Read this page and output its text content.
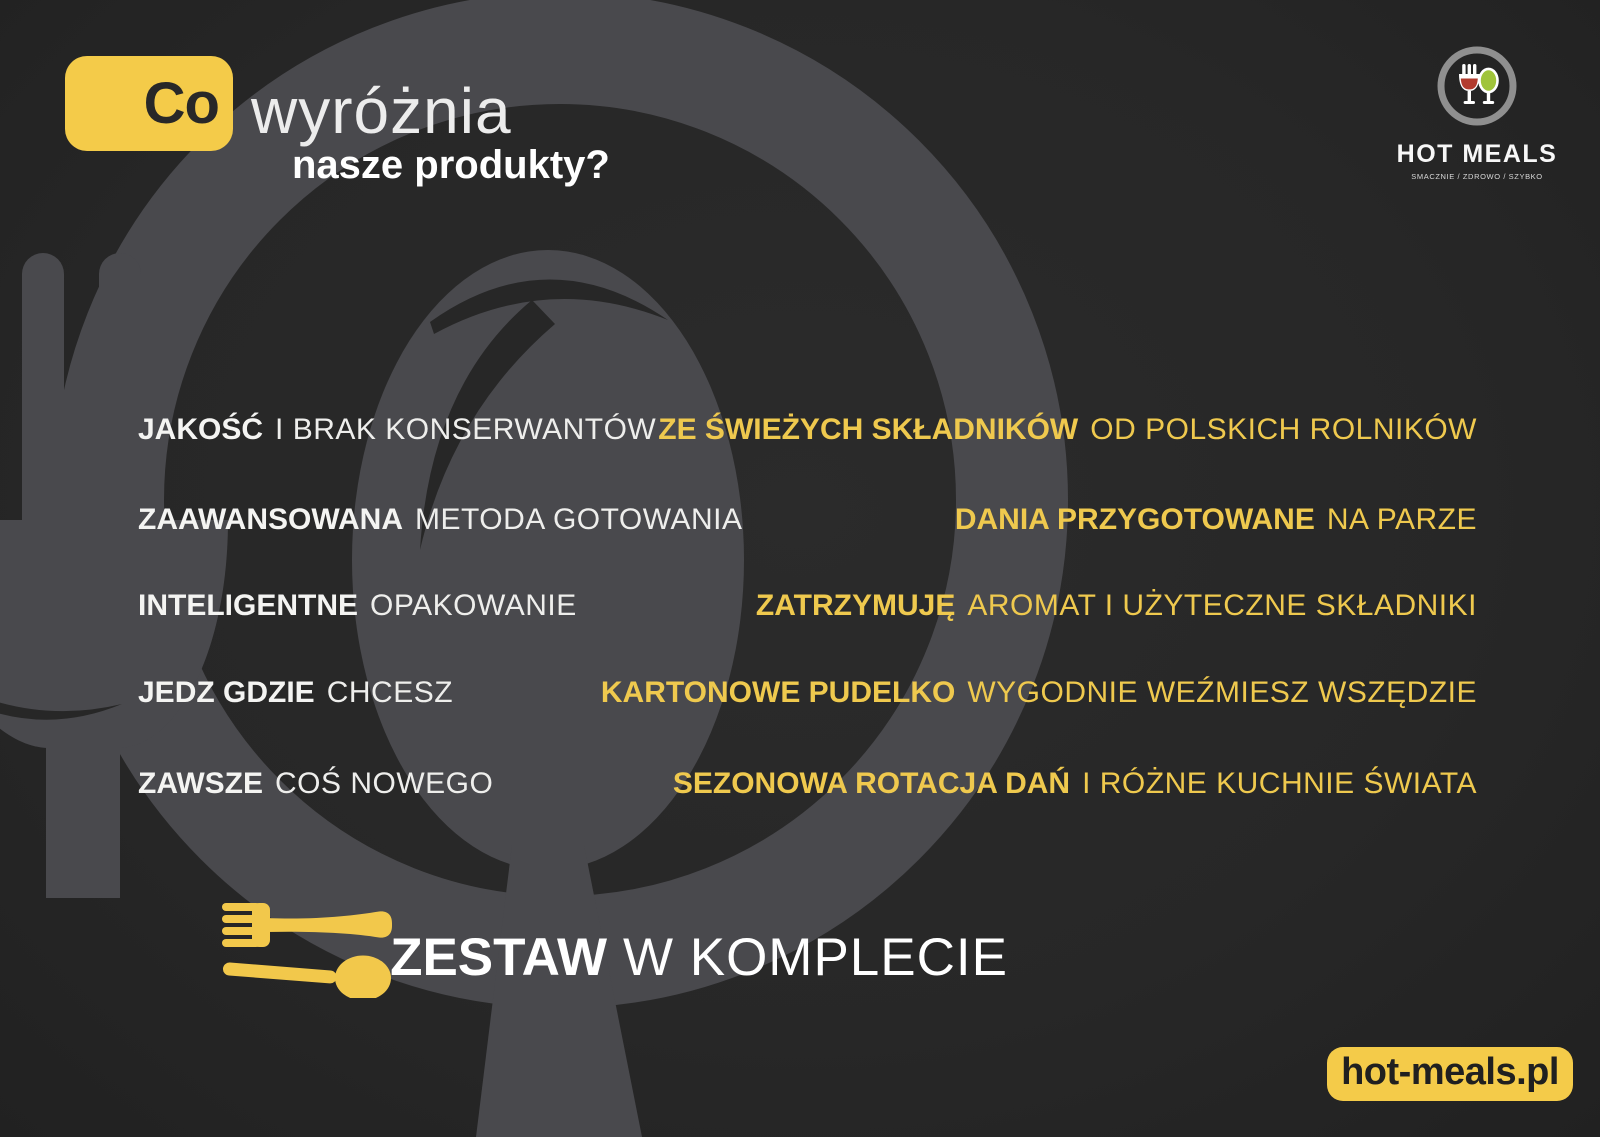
Co wyróżnia
nasze produkty?	HOT MEALS
SMACZNIE / ZDROWO / SZYBKO
JAKOŚĆ I BRAK KONSERWANTÓW
ZAAWANSOWANA METODA GOTOWANIA
INTELIGENTNE OPAKOWANIE
JEDZ GDZIE CHCESZ
ZAWSZE COŚ NOWEGO
ZE ŚWIEŻYCH SKŁADNIKÓW OD POLSKICH ROLNIKÓW
DANIA PRZYGOTOWANE NA PARZE
ZATRZYMUJĘ AROMAT I UŻYTECZNE SKŁADNIKI
KARTONOWE PUDELKO WYGODNIE WEŹMIESZ WSZĘDZIE
SEZONOWA ROTACJA DAŃ I RÓŻNE KUCHNIE ŚWIATA
ZESTAW W KOMPLECIE
hot-meals.pl
